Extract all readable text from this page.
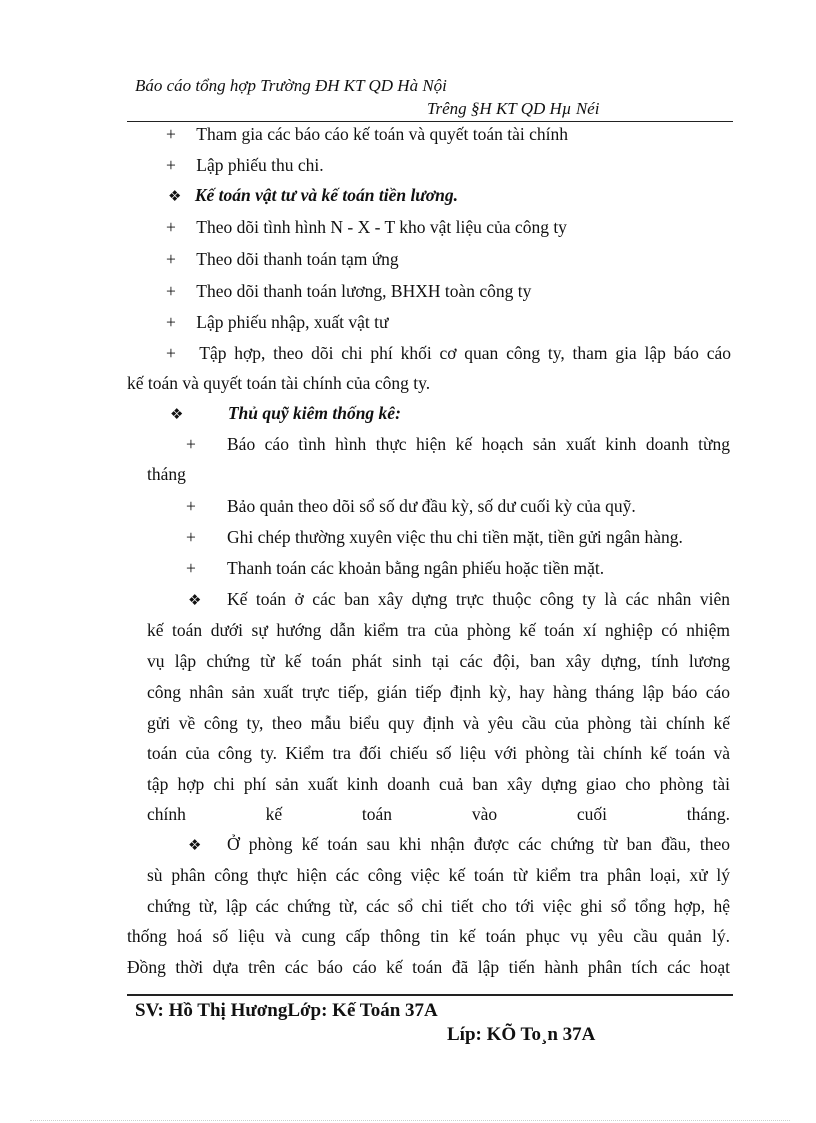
Báo cáo tổng hợp Trường ĐH KT QD Hà Nội
Trêng §H KT QD Hµ Néi
+ Tham gia các báo cáo kế toán và quyết toán tài chính
+ Lập phiếu thu chi.
❖ Kế toán vật tư và kế toán tiền lương.
+ Theo dõi tình hình N - X - T kho vật liệu của công ty
+ Theo dõi thanh toán tạm ứng
+ Theo dõi thanh toán lương, BHXH toàn công ty
+ Lập phiếu nhập, xuất vật tư
+ Tập hợp, theo dõi chi phí khối cơ quan công ty, tham gia lập báo cáo
kế toán và quyết toán tài chính của công ty.
❖	Thủ quỹ kiêm thống kê:
+ Báo cáo tình hình thực hiện kế hoạch sản xuất kinh doanh từng
tháng
+ Bảo quản theo dõi sổ số dư đầu kỳ, số dư cuối kỳ của quỹ.
+ Ghi chép thường xuyên việc thu chi tiền mặt, tiền gửi ngân hàng.
+ Thanh toán các khoản bằng ngân phiếu hoặc tiền mặt.
❖ Kế toán ở các ban xây dựng trực thuộc công ty là các nhân viên
kế toán dưới sự hướng dẫn kiểm tra của phòng kế toán xí nghiệp có nhiệm
vụ lập chứng từ kế toán phát sinh tại các đội, ban xây dựng, tính lương
công nhân sản xuất trực tiếp, gián tiếp định kỳ, hay hàng tháng lập báo cáo
gửi về công ty, theo mẫu biểu quy định và yêu cầu của phòng tài chính kế
toán của công ty. Kiểm tra đối chiếu số liệu với phòng tài chính kế toán và
tập hợp chi phí sản xuất kinh doanh cuả ban xây dựng giao cho phòng tài
chính kế toán vào cuối tháng.
❖ Ở phòng kế toán sau khi nhận được các chứng từ ban đầu, theo
sù phân công thực hiện các công việc kế toán từ kiểm tra phân loại, xử lý
chứng từ, lập các chứng từ, các sổ chi tiết cho tới việc ghi sổ tổng hợp, hệ
thống hoá số liệu và cung cấp thông tin kế toán phục vụ yêu cầu quản lý.
Đồng thời dựa trên các báo cáo kế toán đã lập tiến hành phân tích các hoạt
SV: Hồ Thị HươngLớp: Kế Toán 37A
Líp: KÕ To¸n 37A
